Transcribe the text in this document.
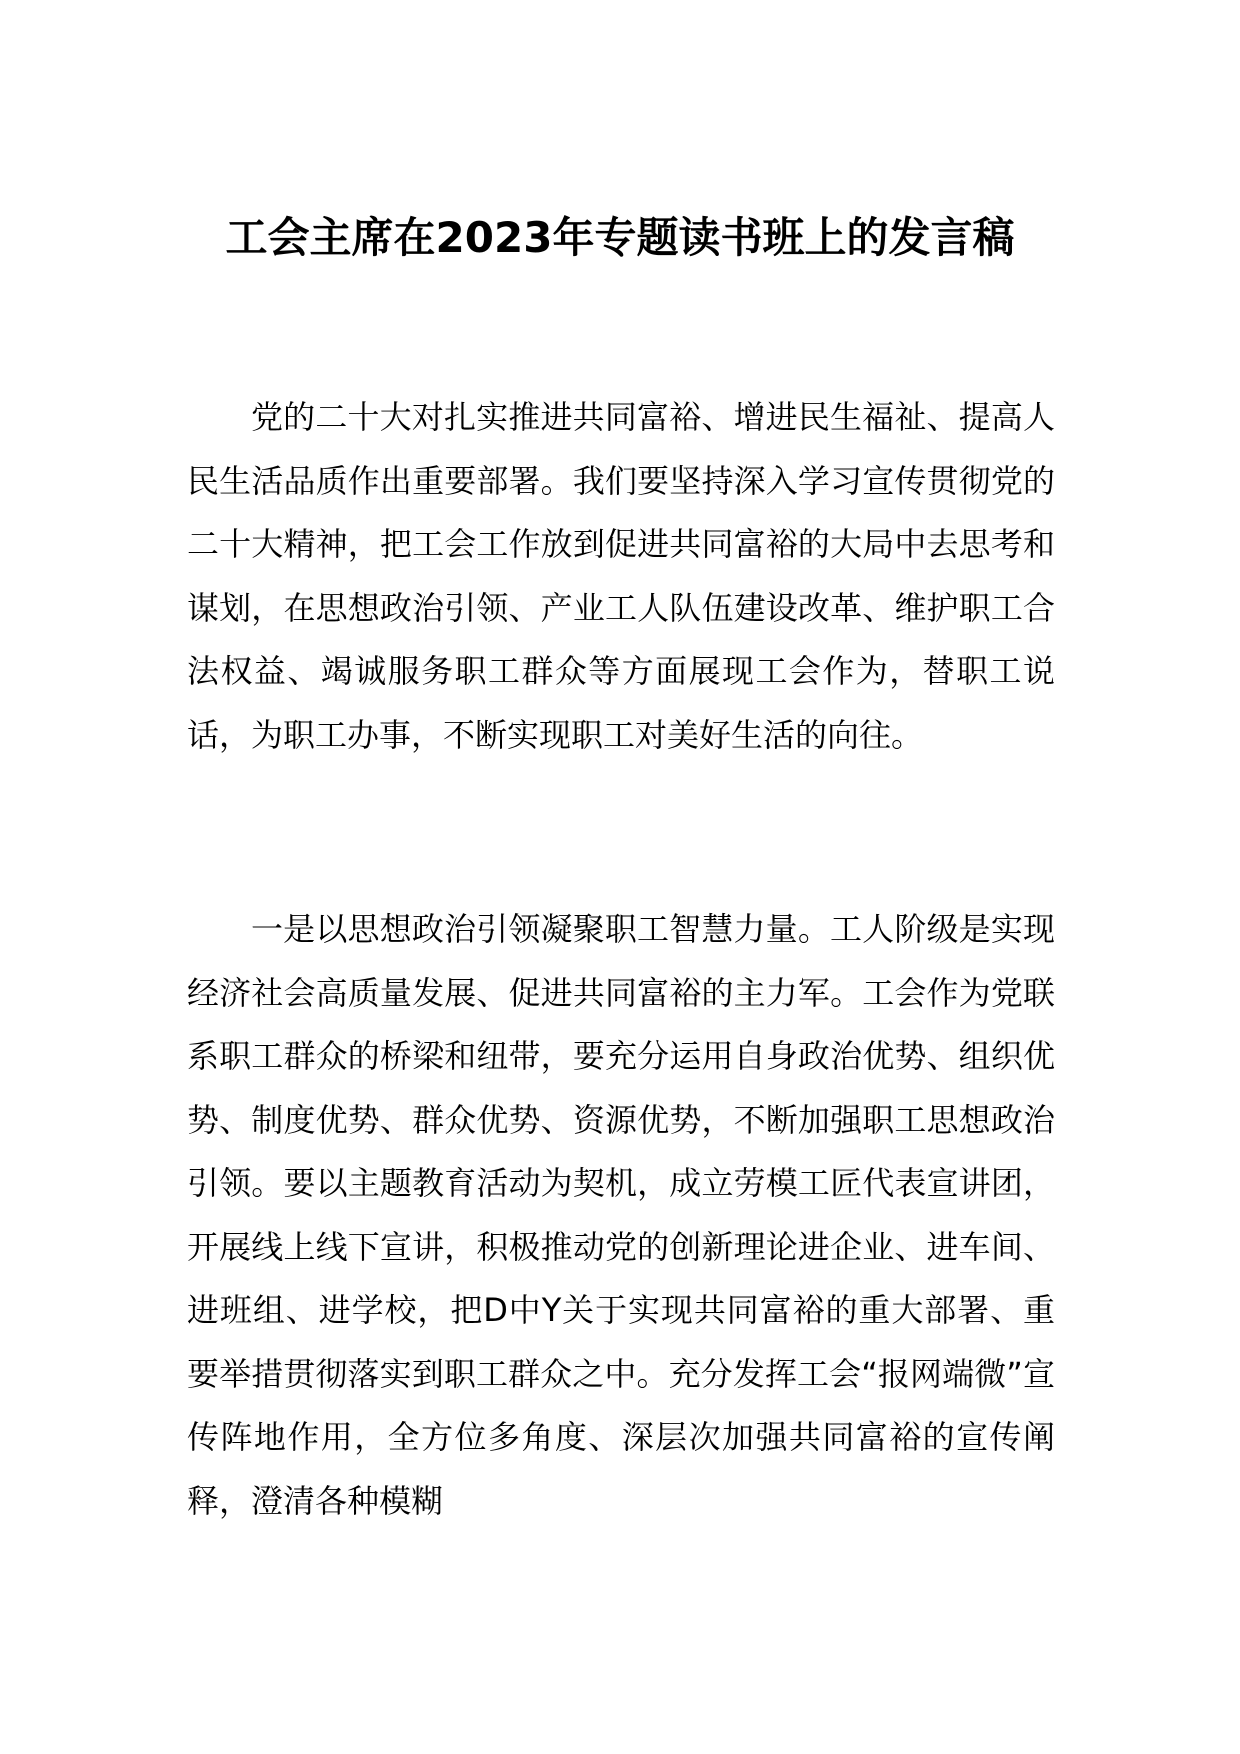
工会主席在2023年专题读书班上的发言稿

党的二十大对扎实推进共同富裕、增进民生福祉、提高人民生活品质作出重要部署。我们要坚持深入学习宣传贯彻党的二十大精神，把工会工作放到促进共同富裕的大局中去思考和谋划，在思想政治引领、产业工人队伍建设改革、维护职工合法权益、竭诚服务职工群众等方面展现工会作为，替职工说话，为职工办事，不断实现职工对美好生活的向往。

一是以思想政治引领凝聚职工智慧力量。工人阶级是实现经济社会高质量发展、促进共同富裕的主力军。工会作为党联系职工群众的桥梁和纽带，要充分运用自身政治优势、组织优势、制度优势、群众优势、资源优势，不断加强职工思想政治引领。要以主题教育活动为契机，成立劳模工匠代表宣讲团，开展线上线下宣讲，积极推动党的创新理论进企业、进车间、进班组、进学校，把D中Y关于实现共同富裕的重大部署、重要举措贯彻落实到职工群众之中。充分发挥工会“报网端微”宣传阵地作用，全方位多角度、深层次加强共同富裕的宣传阐释，澄清各种模糊
